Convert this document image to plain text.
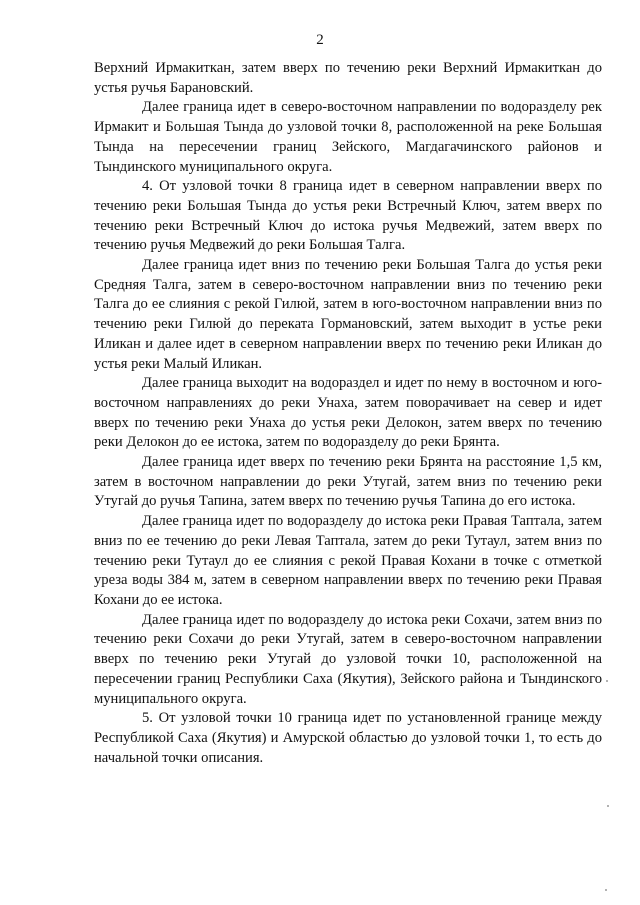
2

Верхний Ирмакиткан, затем вверх по течению реки Верхний Ирмакиткан до устья ручья Барановский.

Далее граница идет в северо-восточном направлении по водоразделу рек Ирмакит и Большая Тында до узловой точки 8, расположенной на реке Большая Тында на пересечении границ Зейского, Магдагачинского районов и Тындинского муниципального округа.

4. От узловой точки 8 граница идет в северном направлении вверх по течению реки Большая Тында до устья реки Встречный Ключ, затем вверх по течению реки Встречный Ключ до истока ручья Медвежий, затем вверх по течению ручья Медвежий до реки Большая Талга.

Далее граница идет вниз по течению реки Большая Талга до устья реки Средняя Талга, затем в северо-восточном направлении вниз по течению реки Талга до ее слияния с рекой Гилюй, затем в юго-восточном направлении вниз по течению реки Гилюй до переката Гормановский, затем выходит в устье реки Иликан и далее идет в северном направлении вверх по течению реки Иликан до устья реки Малый Иликан.

Далее граница выходит на водораздел и идет по нему в восточном и юго-восточном направлениях до реки Унаха, затем поворачивает на север и идет вверх по течению реки Унаха до устья реки Делокон, затем вверх по течению реки Делокон до ее истока, затем по водоразделу до реки Брянта.

Далее граница идет вверх по течению реки Брянта на расстояние 1,5 км, затем в восточном направлении до реки Утугай, затем вниз по течению реки Утугай до ручья Тапина, затем вверх по течению ручья Тапина до его истока.

Далее граница идет по водоразделу до истока реки Правая Таптала, затем вниз по ее течению до реки Левая Таптала, затем до реки Тутаул, затем вниз по течению реки Тутаул до ее слияния с рекой Правая Кохани в точке с отметкой уреза воды 384 м, затем в северном направлении вверх по течению реки Правая Кохани до ее истока.

Далее граница идет по водоразделу до истока реки Сохачи, затем вниз по течению реки Сохачи до реки Утугай, затем в северо-восточном направлении вверх по течению реки Утугай до узловой точки 10, расположенной на пересечении границ Республики Саха (Якутия), Зейского района и Тындинского муниципального округа.

5. От узловой точки 10 граница идет по установленной границе между Республикой Саха (Якутия) и Амурской областью до узловой точки 1, то есть до начальной точки описания.
